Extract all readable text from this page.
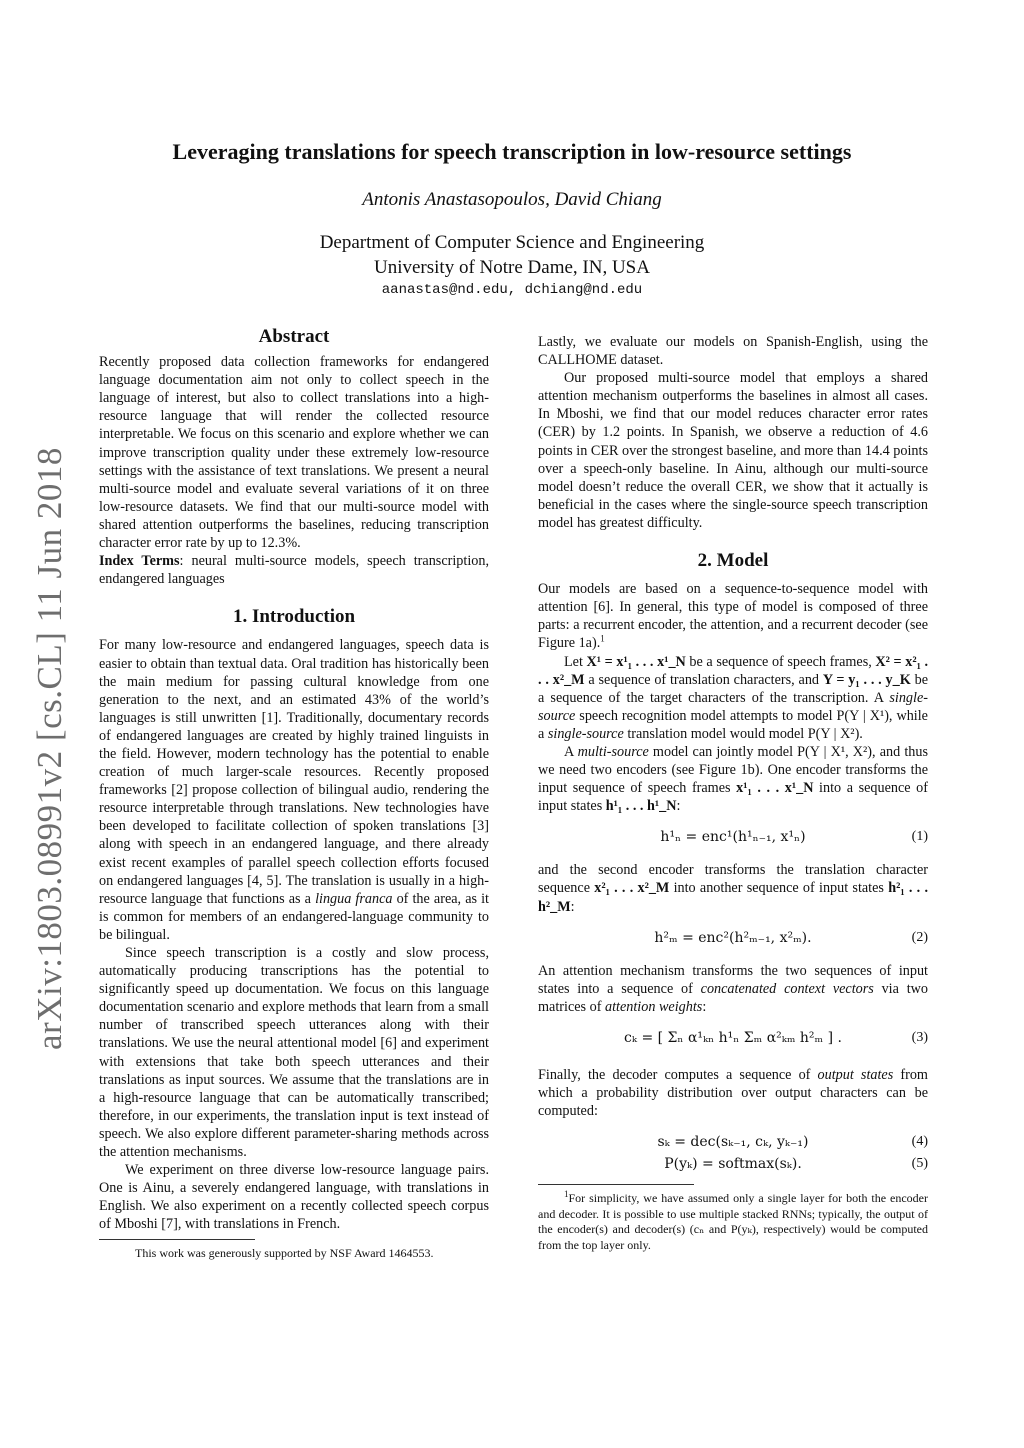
arXiv:1803.08991v2 [cs.CL] 11 Jun 2018
Leveraging translations for speech transcription in low-resource settings
Antonis Anastasopoulos, David Chiang
Department of Computer Science and Engineering
University of Notre Dame, IN, USA
aanastas@nd.edu, dchiang@nd.edu
Abstract

Recently proposed data collection frameworks for endangered language documentation aim not only to collect speech in the language of interest, but also to collect translations into a high-resource language that will render the collected resource interpretable. We focus on this scenario and explore whether we can improve transcription quality under these extremely low-resource settings with the assistance of text translations. We present a neural multi-source model and evaluate several variations of it on three low-resource datasets. We find that our multi-source model with shared attention outperforms the baselines, reducing transcription character error rate by up to 12.3%.

Index Terms: neural multi-source models, speech transcription, endangered languages

1. Introduction

For many low-resource and endangered languages, speech data is easier to obtain than textual data. Oral tradition has historically been the main medium for passing cultural knowledge from one generation to the next, and an estimated 43% of the world’s languages is still unwritten [1]. Traditionally, documentary records of endangered languages are created by highly trained linguists in the field. However, modern technology has the potential to enable creation of much larger-scale resources. Recently proposed frameworks [2] propose collection of bilingual audio, rendering the resource interpretable through translations. New technologies have been developed to facilitate collection of spoken translations [3] along with speech in an endangered language, and there already exist recent examples of parallel speech collection efforts focused on endangered languages [4, 5]. The translation is usually in a high-resource language that functions as a lingua franca of the area, as it is common for members of an endangered-language community to be bilingual.

Since speech transcription is a costly and slow process, automatically producing transcriptions has the potential to significantly speed up documentation. We focus on this language documentation scenario and explore methods that learn from a small number of transcribed speech utterances along with their translations. We use the neural attentional model [6] and experiment with extensions that take both speech utterances and their translations as input sources. We assume that the translations are in a high-resource language that can be automatically transcribed; therefore, in our experiments, the translation input is text instead of speech. We also explore different parameter-sharing methods across the attention mechanisms.

We experiment on three diverse low-resource language pairs. One is Ainu, a severely endangered language, with translations in English. We also experiment on a recently collected speech corpus of Mboshi [7], with translations in French.

This work was generously supported by NSF Award 1464553.

Lastly, we evaluate our models on Spanish-English, using the CALLHOME dataset.

Our proposed multi-source model that employs a shared attention mechanism outperforms the baselines in almost all cases. In Mboshi, we find that our model reduces character error rates (CER) by 1.2 points. In Spanish, we observe a reduction of 4.6 points in CER over the strongest baseline, and more than 14.4 points over a speech-only baseline. In Ainu, although our multi-source model doesn’t reduce the overall CER, we show that it actually is beneficial in the cases where the single-source speech transcription model has greatest difficulty.

2. Model

Our models are based on a sequence-to-sequence model with attention [6]. In general, this type of model is composed of three parts: a recurrent encoder, the attention, and a recurrent decoder (see Figure 1a).$^1$

Let X¹ = x¹₁ . . . x¹_N be a sequence of speech frames, X² = x²₁ . . . x²_M a sequence of translation characters, and Y = y₁ . . . y_K be a sequence of the target characters of the transcription. A single-source speech recognition model attempts to model P(Y | X¹), while a single-source translation model would model P(Y | X²).

A multi-source model can jointly model P(Y | X¹, X²), and thus we need two encoders (see Figure 1b). One encoder transforms the input sequence of speech frames x¹₁ . . . x¹_N into a sequence of input states h¹₁ . . . h¹_N:

h¹ₙ = enc¹(h¹ₙ₋₁, x¹ₙ)	(1)

and the second encoder transforms the translation character sequence x²₁ . . . x²_M into another sequence of input states h²₁ . . . h²_M:

h²ₘ = enc²(h²ₘ₋₁, x²ₘ).	(2)

An attention mechanism transforms the two sequences of input states into a sequence of concatenated context vectors via two matrices of attention weights:

cₖ = [ Σₙ α¹ₖₙ h¹ₙ Σₘ α²ₖₘ h²ₘ ] .	(3)

Finally, the decoder computes a sequence of output states from which a probability distribution over output characters can be computed:

sₖ = dec(sₖ₋₁, cₖ, yₖ₋₁)	(4)
P(yₖ) = softmax(sₖ).	(5)

$^1$For simplicity, we have assumed only a single layer for both the encoder and decoder. It is possible to use multiple stacked RNNs; typically, the output of the encoder(s) and decoder(s) (cₙ and P(yₖ), respectively) would be computed from the top layer only.
